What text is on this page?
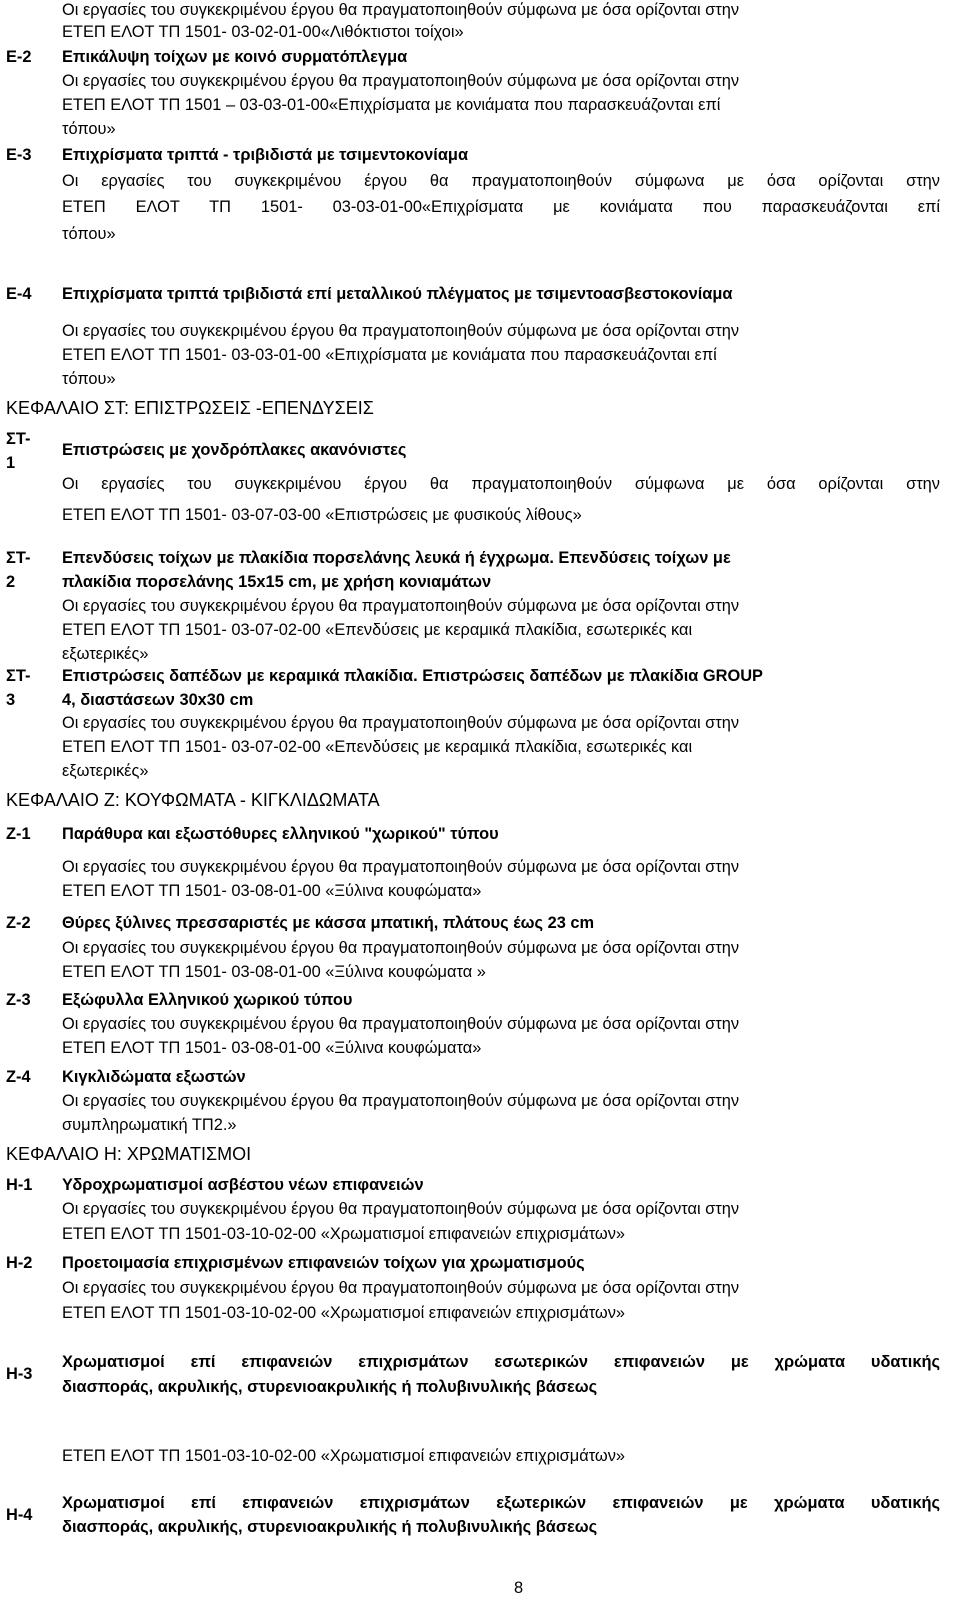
Οι εργασίες του συγκεκριμένου έργου θα πραγματοποιηθούν σύμφωνα με όσα ορίζονται στην
ΕΤΕΠ ΕΛΟΤ ΤΠ 1501- 03-02-01-00«Λιθόκτιστοι τοίχοι»
Ε-2 Επικάλυψη τοίχων με κοινό συρματόπλεγμα
Οι εργασίες του συγκεκριμένου έργου θα πραγματοποιηθούν σύμφωνα με όσα ορίζονται στην
ΕΤΕΠ ΕΛΟΤ ΤΠ 1501 – 03-03-01-00«Επιχρίσματα με κονιάματα που παρασκευάζονται επί
τόπου»
Ε-3 Επιχρίσματα τριπτά - τριβιδιστά με τσιμεντοκονίαμα
Οι εργασίες του συγκεκριμένου έργου θα πραγματοποιηθούν σύμφωνα με όσα ορίζονται στην
ΕΤΕΠ ΕΛΟΤ ΤΠ 1501- 03-03-01-00«Επιχρίσματα με κονιάματα που παρασκευάζονται επί
τόπου»
Ε-4 Επιχρίσματα τριπτά τριβιδιστά επί μεταλλικού πλέγματος με τσιμεντοασβεστοκονίαμα
Οι εργασίες του συγκεκριμένου έργου θα πραγματοποιηθούν σύμφωνα με όσα ορίζονται στην
ΕΤΕΠ ΕΛΟΤ ΤΠ 1501- 03-03-01-00 «Επιχρίσματα με κονιάματα που παρασκευάζονται επί
τόπου»
ΚΕΦΑΛΑΙΟ ΣΤ: ΕΠΙΣΤΡΩΣΕΙΣ -ΕΠΕΝΔΥΣΕΙΣ
ΣΤ-
1
Επιστρώσεις με χονδρόπλακες ακανόνιστες
Οι εργασίες του συγκεκριμένου έργου θα πραγματοποιηθούν σύμφωνα με όσα ορίζονται στην
ΕΤΕΠ ΕΛΟΤ ΤΠ 1501- 03-07-03-00 «Επιστρώσεις με φυσικούς λίθους»
ΣΤ-
2
Επενδύσεις τοίχων με πλακίδια πορσελάνης λευκά ή έγχρωμα. Επενδύσεις τοίχων με
πλακίδια πορσελάνης 15x15 cm, με χρήση κονιαμάτων
Οι εργασίες του συγκεκριμένου έργου θα πραγματοποιηθούν σύμφωνα με όσα ορίζονται στην
ΕΤΕΠ ΕΛΟΤ ΤΠ 1501- 03-07-02-00 «Επενδύσεις με κεραμικά πλακίδια, εσωτερικές και
εξωτερικές»
ΣΤ-
3
Επιστρώσεις δαπέδων με κεραμικά πλακίδια. Επιστρώσεις δαπέδων με πλακίδια GROUP
4, διαστάσεων 30x30 cm
Οι εργασίες του συγκεκριμένου έργου θα πραγματοποιηθούν σύμφωνα με όσα ορίζονται στην
ΕΤΕΠ ΕΛΟΤ ΤΠ 1501- 03-07-02-00 «Επενδύσεις με κεραμικά πλακίδια, εσωτερικές και
εξωτερικές»
ΚΕΦΑΛΑΙΟ Ζ: ΚΟΥΦΩΜΑΤΑ - ΚΙΓΚΛΙΔΩΜΑΤΑ
Ζ-1 Παράθυρα και εξωστόθυρες ελληνικού "χωρικού" τύπου
Οι εργασίες του συγκεκριμένου έργου θα πραγματοποιηθούν σύμφωνα με όσα ορίζονται στην
ΕΤΕΠ ΕΛΟΤ ΤΠ 1501- 03-08-01-00 «Ξύλινα κουφώματα»
Ζ-2 Θύρες ξύλινες πρεσσαριστές με κάσσα μπατική, πλάτους έως 23 cm
Οι εργασίες του συγκεκριμένου έργου θα πραγματοποιηθούν σύμφωνα με όσα ορίζονται στην
ΕΤΕΠ ΕΛΟΤ ΤΠ 1501- 03-08-01-00 «Ξύλινα κουφώματα »
Ζ-3 Εξώφυλλα Ελληνικού χωρικού τύπου
Οι εργασίες του συγκεκριμένου έργου θα πραγματοποιηθούν σύμφωνα με όσα ορίζονται στην
ΕΤΕΠ ΕΛΟΤ ΤΠ 1501- 03-08-01-00 «Ξύλινα κουφώματα»
Ζ-4 Κιγκλιδώματα εξωστών
Οι εργασίες του συγκεκριμένου έργου θα πραγματοποιηθούν σύμφωνα με όσα ορίζονται στην
συμπληρωματική ΤΠ2.»
ΚΕΦΑΛΑΙΟ Η: ΧΡΩΜΑΤΙΣΜΟΙ
Η-1 Υδροχρωματισμοί ασβέστου νέων επιφανειών
Οι εργασίες του συγκεκριμένου έργου θα πραγματοποιηθούν σύμφωνα με όσα ορίζονται στην
ΕΤΕΠ ΕΛΟΤ ΤΠ 1501-03-10-02-00 «Χρωματισμοί επιφανειών επιχρισμάτων»
Η-2 Προετοιμασία επιχρισμένων επιφανειών τοίχων για χρωματισμούς
Οι εργασίες του συγκεκριμένου έργου θα πραγματοποιηθούν σύμφωνα με όσα ορίζονται στην
ΕΤΕΠ ΕΛΟΤ ΤΠ 1501-03-10-02-00 «Χρωματισμοί επιφανειών επιχρισμάτων»
Η-3
Χρωματισμοί επί επιφανειών επιχρισμάτων εσωτερικών επιφανειών με χρώματα υδατικής
διασποράς, ακρυλικής, στυρενιοακρυλικής ή πολυβινυλικής βάσεως
ΕΤΕΠ ΕΛΟΤ ΤΠ 1501-03-10-02-00 «Χρωματισμοί επιφανειών επιχρισμάτων»
Η-4
Χρωματισμοί επί επιφανειών επιχρισμάτων εξωτερικών επιφανειών με χρώματα υδατικής
διασποράς, ακρυλικής, στυρενιοακρυλικής ή πολυβινυλικής βάσεως
8
